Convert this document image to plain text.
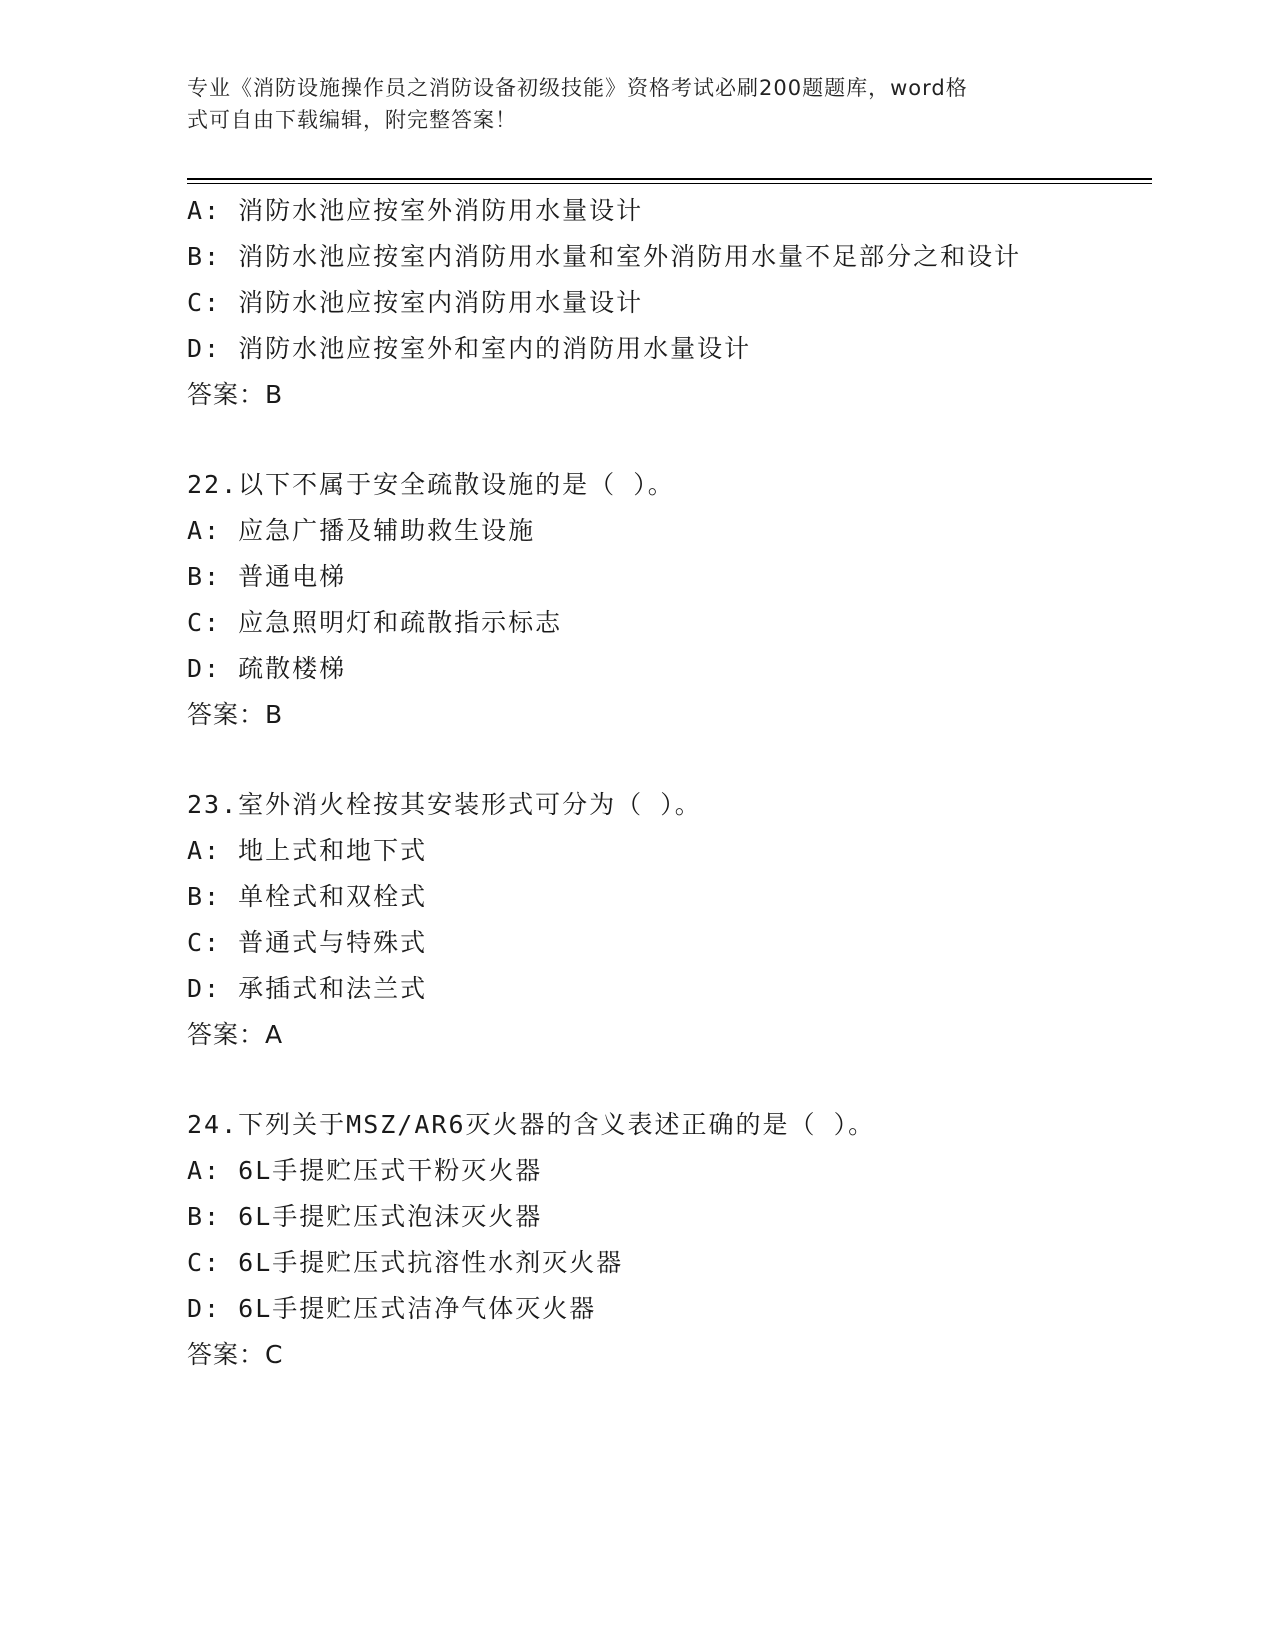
专业《消防设施操作员之消防设备初级技能》资格考试必刷200题题库，word格
式可自由下载编辑，附完整答案！
A: 消防水池应按室外消防用水量设计
B: 消防水池应按室内消防用水量和室外消防用水量不足部分之和设计
C: 消防水池应按室内消防用水量设计
D: 消防水池应按室外和室内的消防用水量设计
答案：B
22.以下不属于安全疏散设施的是（ ）。
A: 应急广播及辅助救生设施
B: 普通电梯
C: 应急照明灯和疏散指示标志
D: 疏散楼梯
答案：B
23.室外消火栓按其安装形式可分为（ ）。
A: 地上式和地下式
B: 单栓式和双栓式
C: 普通式与特殊式
D: 承插式和法兰式
答案：A
24.下列关于MSZ/AR6灭火器的含义表述正确的是（ ）。
A: 6L手提贮压式干粉灭火器
B: 6L手提贮压式泡沫灭火器
C: 6L手提贮压式抗溶性水剂灭火器
D: 6L手提贮压式洁净气体灭火器
答案：C
